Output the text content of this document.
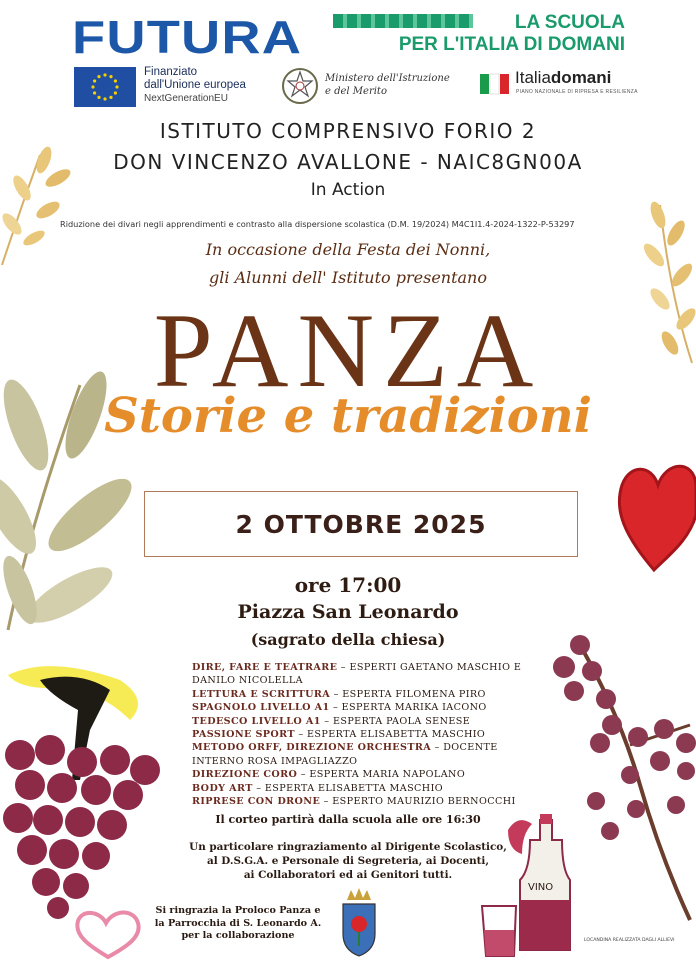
VINO
FUTURA	LA SCUOLA
PER L'ITALIA DI DOMANI
Finanziato
dall'Unione europea
NextGenerationEU
Ministero dell'Istruzione
e del Merito
Italiadomani
PIANO NAZIONALE DI RIPRESA E RESILIENZA
ISTITUTO COMPRENSIVO FORIO 2
DON VINCENZO AVALLONE - NAIC8GN00A
In Action
Riduzione dei divari negli apprendimenti e contrasto alla dispersione scolastica (D.M. 19/2024) M4C1I1.4-2024-1322-P-53297
In occasione della Festa dei Nonni,
gli Alunni dell' Istituto presentano
PANZA
Storie e tradizioni
2 OTTOBRE 2025
ore 17:00
Piazza San Leonardo
(sagrato della chiesa)
DIRE, FARE E TEATRARE – ESPERTI GAETANO MASCHIO E DANILO NICOLELLA
LETTURA E SCRITTURA – ESPERTA FILOMENA PIRO
SPAGNOLO LIVELLO A1 – ESPERTA MARIKA IACONO
TEDESCO LIVELLO A1 – ESPERTA PAOLA SENESE
PASSIONE SPORT – ESPERTA ELISABETTA MASCHIO
METODO ORFF, DIREZIONE ORCHESTRA – DOCENTE INTERNO ROSA IMPAGLIAZZO
DIREZIONE CORO – ESPERTA MARIA NAPOLANO
BODY ART – ESPERTA ELISABETTA MASCHIO
RIPRESE CON DRONE – ESPERTO MAURIZIO BERNOCCHI
Il corteo partirà dalla scuola alle ore 16:30
Un particolare ringraziamento al Dirigente Scolastico,
al D.S.G.A. e Personale di Segreteria, ai Docenti,
ai Collaboratori ed ai Genitori tutti.
Si ringrazia la Proloco Panza e
la Parrocchia di S. Leonardo A.
per la collaborazione	LOCANDINA REALIZZATA DAGLI ALLIEVI
